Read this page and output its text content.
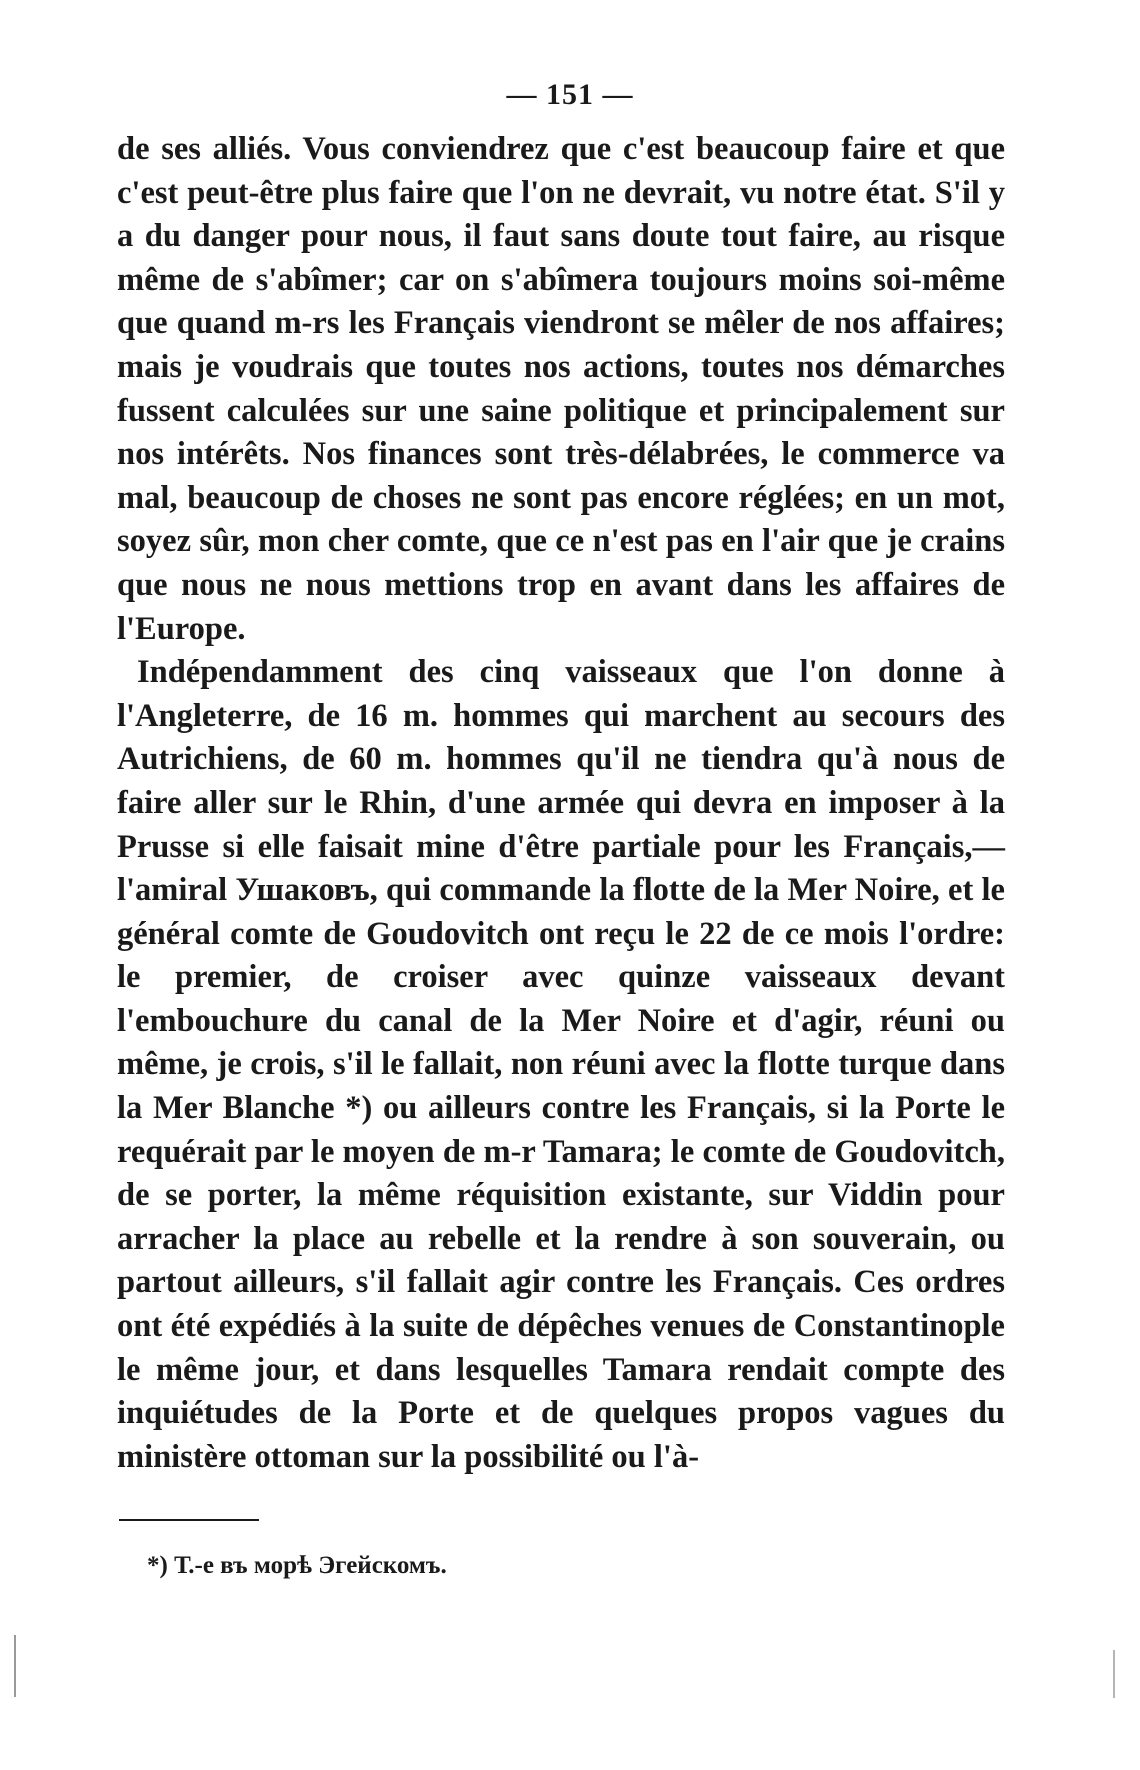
— 151 —

de ses alliés. Vous conviendrez que c'est beaucoup faire et que c'est peut-être plus faire que l'on ne devrait, vu notre état. S'il y a du danger pour nous, il faut sans doute tout faire, au risque même de s'abîmer; car on s'abîmera toujours moins soi-même que quand m-rs les Français viendront se mêler de nos affaires; mais je voudrais que toutes nos actions, toutes nos démarches fussent calculées sur une saine politique et principalement sur nos intérêts. Nos finances sont très-délabrées, le commerce va mal, beaucoup de choses ne sont pas encore réglées; en un mot, soyez sûr, mon cher comte, que ce n'est pas en l'air que je crains que nous ne nous mettions trop en avant dans les affaires de l'Europe.

Indépendamment des cinq vaisseaux que l'on donne à l'Angleterre, de 16 m. hommes qui marchent au secours des Autrichiens, de 60 m. hommes qu'il ne tiendra qu'à nous de faire aller sur le Rhin, d'une armée qui devra en imposer à la Prusse si elle faisait mine d'être partiale pour les Français,—l'amiral Ушаковъ, qui commande la flotte de la Mer Noire, et le général comte de Goudovitch ont reçu le 22 de ce mois l'ordre: le premier, de croiser avec quinze vaisseaux devant l'embouchure du canal de la Mer Noire et d'agir, réuni ou même, je crois, s'il le fallait, non réuni avec la flotte turque dans la Mer Blanche *) ou ailleurs contre les Français, si la Porte le requérait par le moyen de m-r Tamara; le comte de Goudovitch, de se porter, la même réquisition existante, sur Viddin pour arracher la place au rebelle et la rendre à son souverain, ou partout ailleurs, s'il fallait agir contre les Français. Ces ordres ont été expédiés à la suite de dépêches venues de Constantinople le même jour, et dans lesquelles Tamara rendait compte des inquiétudes de la Porte et de quelques propos vagues du ministère ottoman sur la possibilité ou l'à-

*) Т.-е въ морѣ Эгейскомъ.
